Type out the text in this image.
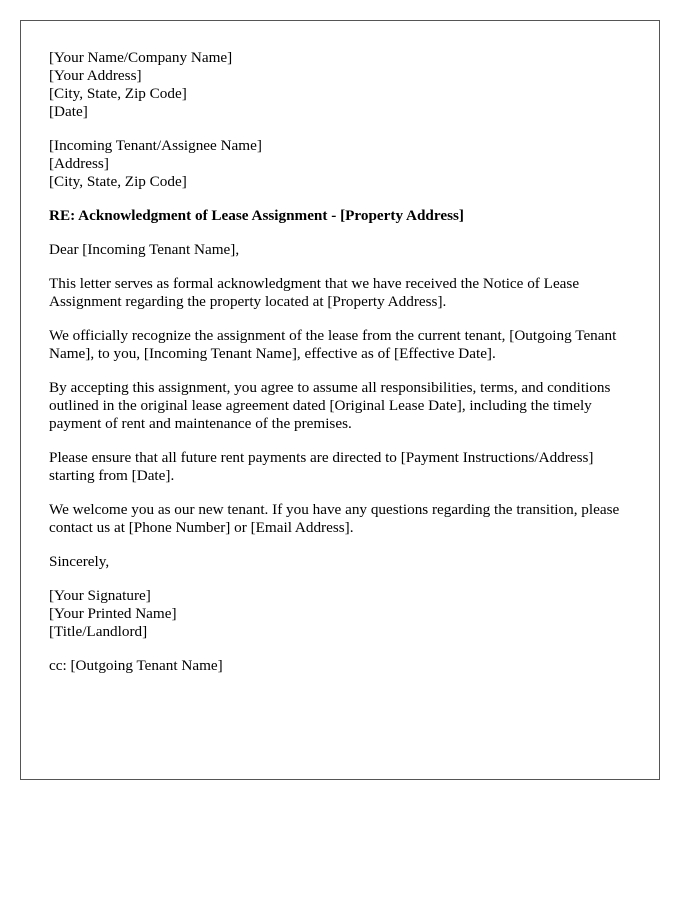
[Your Name/Company Name]
[Your Address]
[City, State, Zip Code]
[Date]
[Incoming Tenant/Assignee Name]
[Address]
[City, State, Zip Code]
RE: Acknowledgment of Lease Assignment - [Property Address]

Dear [Incoming Tenant Name],

This letter serves as formal acknowledgment that we have received the Notice of Lease Assignment regarding the property located at [Property Address].

We officially recognize the assignment of the lease from the current tenant, [Outgoing Tenant Name], to you, [Incoming Tenant Name], effective as of [Effective Date].

By accepting this assignment, you agree to assume all responsibilities, terms, and conditions outlined in the original lease agreement dated [Original Lease Date], including the timely payment of rent and maintenance of the premises.

Please ensure that all future rent payments are directed to [Payment Instructions/Address] starting from [Date].

We welcome you as our new tenant. If you have any questions regarding the transition, please contact us at [Phone Number] or [Email Address].

Sincerely,

[Your Signature]
[Your Printed Name]
[Title/Landlord]

cc: [Outgoing Tenant Name]
